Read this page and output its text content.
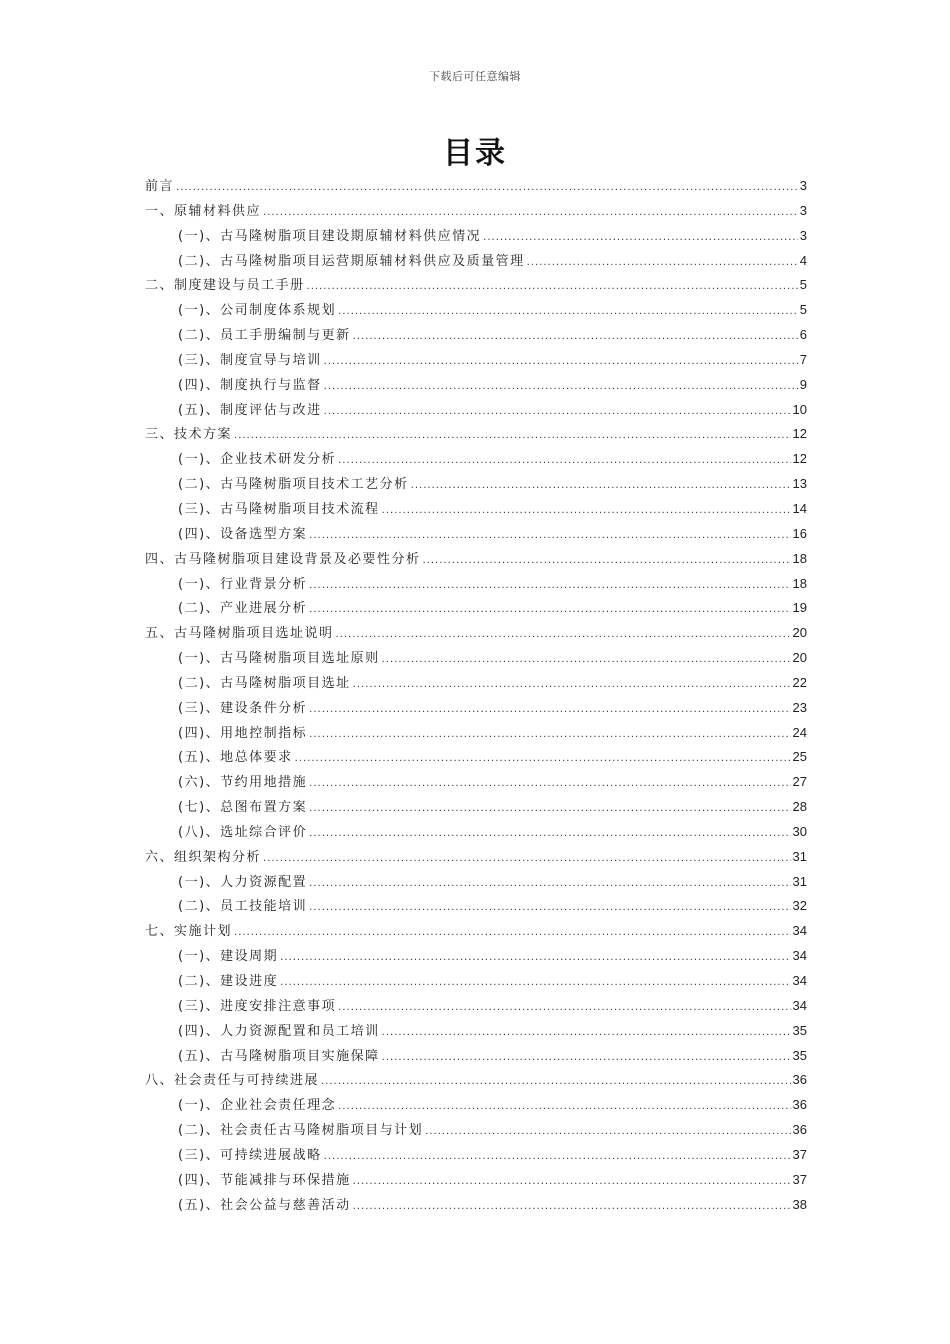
下载后可任意编辑
目录
前言 .....	3
一、原辅材料供应 .....	3
(一)、古马隆树脂项目建设期原辅材料供应情况 .....	3
(二)、古马隆树脂项目运营期原辅材料供应及质量管理 .....	4
二、制度建设与员工手册 .....	5
(一)、公司制度体系规划 .....	5
(二)、员工手册编制与更新 .....	6
(三)、制度宣导与培训 .....	7
(四)、制度执行与监督 .....	9
(五)、制度评估与改进 .....	10
三、技术方案 .....	12
(一)、企业技术研发分析 .....	12
(二)、古马隆树脂项目技术工艺分析 .....	13
(三)、古马隆树脂项目技术流程 .....	14
(四)、设备选型方案 .....	16
四、古马隆树脂项目建设背景及必要性分析 .....	18
(一)、行业背景分析 .....	18
(二)、产业进展分析 .....	19
五、古马隆树脂项目选址说明 .....	20
(一)、古马隆树脂项目选址原则 .....	20
(二)、古马隆树脂项目选址 .....	22
(三)、建设条件分析 .....	23
(四)、用地控制指标 .....	24
(五)、地总体要求 .....	25
(六)、节约用地措施 .....	27
(七)、总图布置方案 .....	28
(八)、选址综合评价 .....	30
六、组织架构分析 .....	31
(一)、人力资源配置 .....	31
(二)、员工技能培训 .....	32
七、实施计划 .....	34
(一)、建设周期 .....	34
(二)、建设进度 .....	34
(三)、进度安排注意事项 .....	34
(四)、人力资源配置和员工培训 .....	35
(五)、古马隆树脂项目实施保障 .....	35
八、社会责任与可持续进展 .....	36
(一)、企业社会责任理念 .....	36
(二)、社会责任古马隆树脂项目与计划 .....	36
(三)、可持续进展战略 .....	37
(四)、节能减排与环保措施 .....	37
(五)、社会公益与慈善活动 .....	38
